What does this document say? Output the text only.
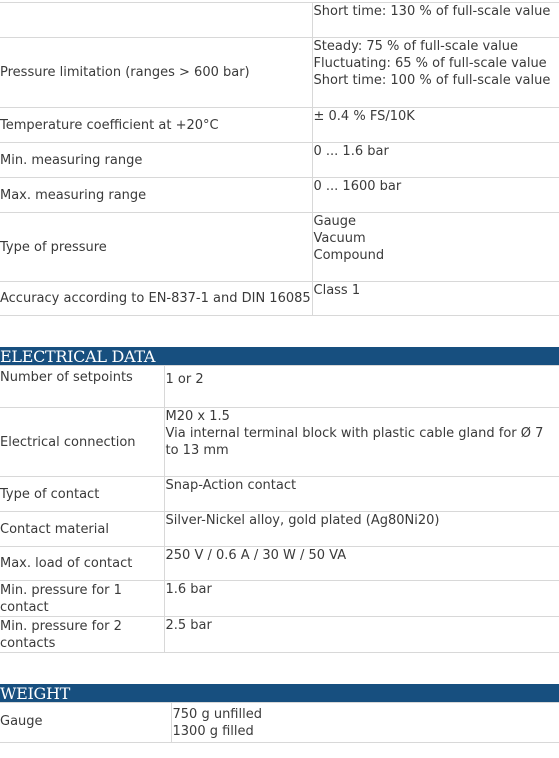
	Short time: 130 % of full-scale value

Pressure limitation (ranges > 600 bar)	Steady: 75 % of full-scale value
Fluctuating: 65 % of full-scale value
Short time: 100 % of full-scale value

Temperature coefficient at +20°C	± 0.4 % FS/10K

Min. measuring range	0 ... 1.6 bar

Max. measuring range	0 ... 1600 bar

Type of pressure	Gauge
Vacuum
Compound

Accuracy according to EN-837-1 and DIN 16085	Class 1
ELECTRICAL DATA
Number of setpoints	1 or 2

Electrical connection	M20 x 1.5
Via internal terminal block with plastic cable gland for Ø 7 to 13 mm

Type of contact	Snap-Action contact

Contact material	Silver-Nickel alloy, gold plated (Ag80Ni20)

Max. load of contact	250 V / 0.6 A / 30 W / 50 VA

Min. pressure for 1 contact	1.6 bar

Min. pressure for 2 contacts	2.5 bar
WEIGHT
Gauge	750 g unfilled
1300 g filled
